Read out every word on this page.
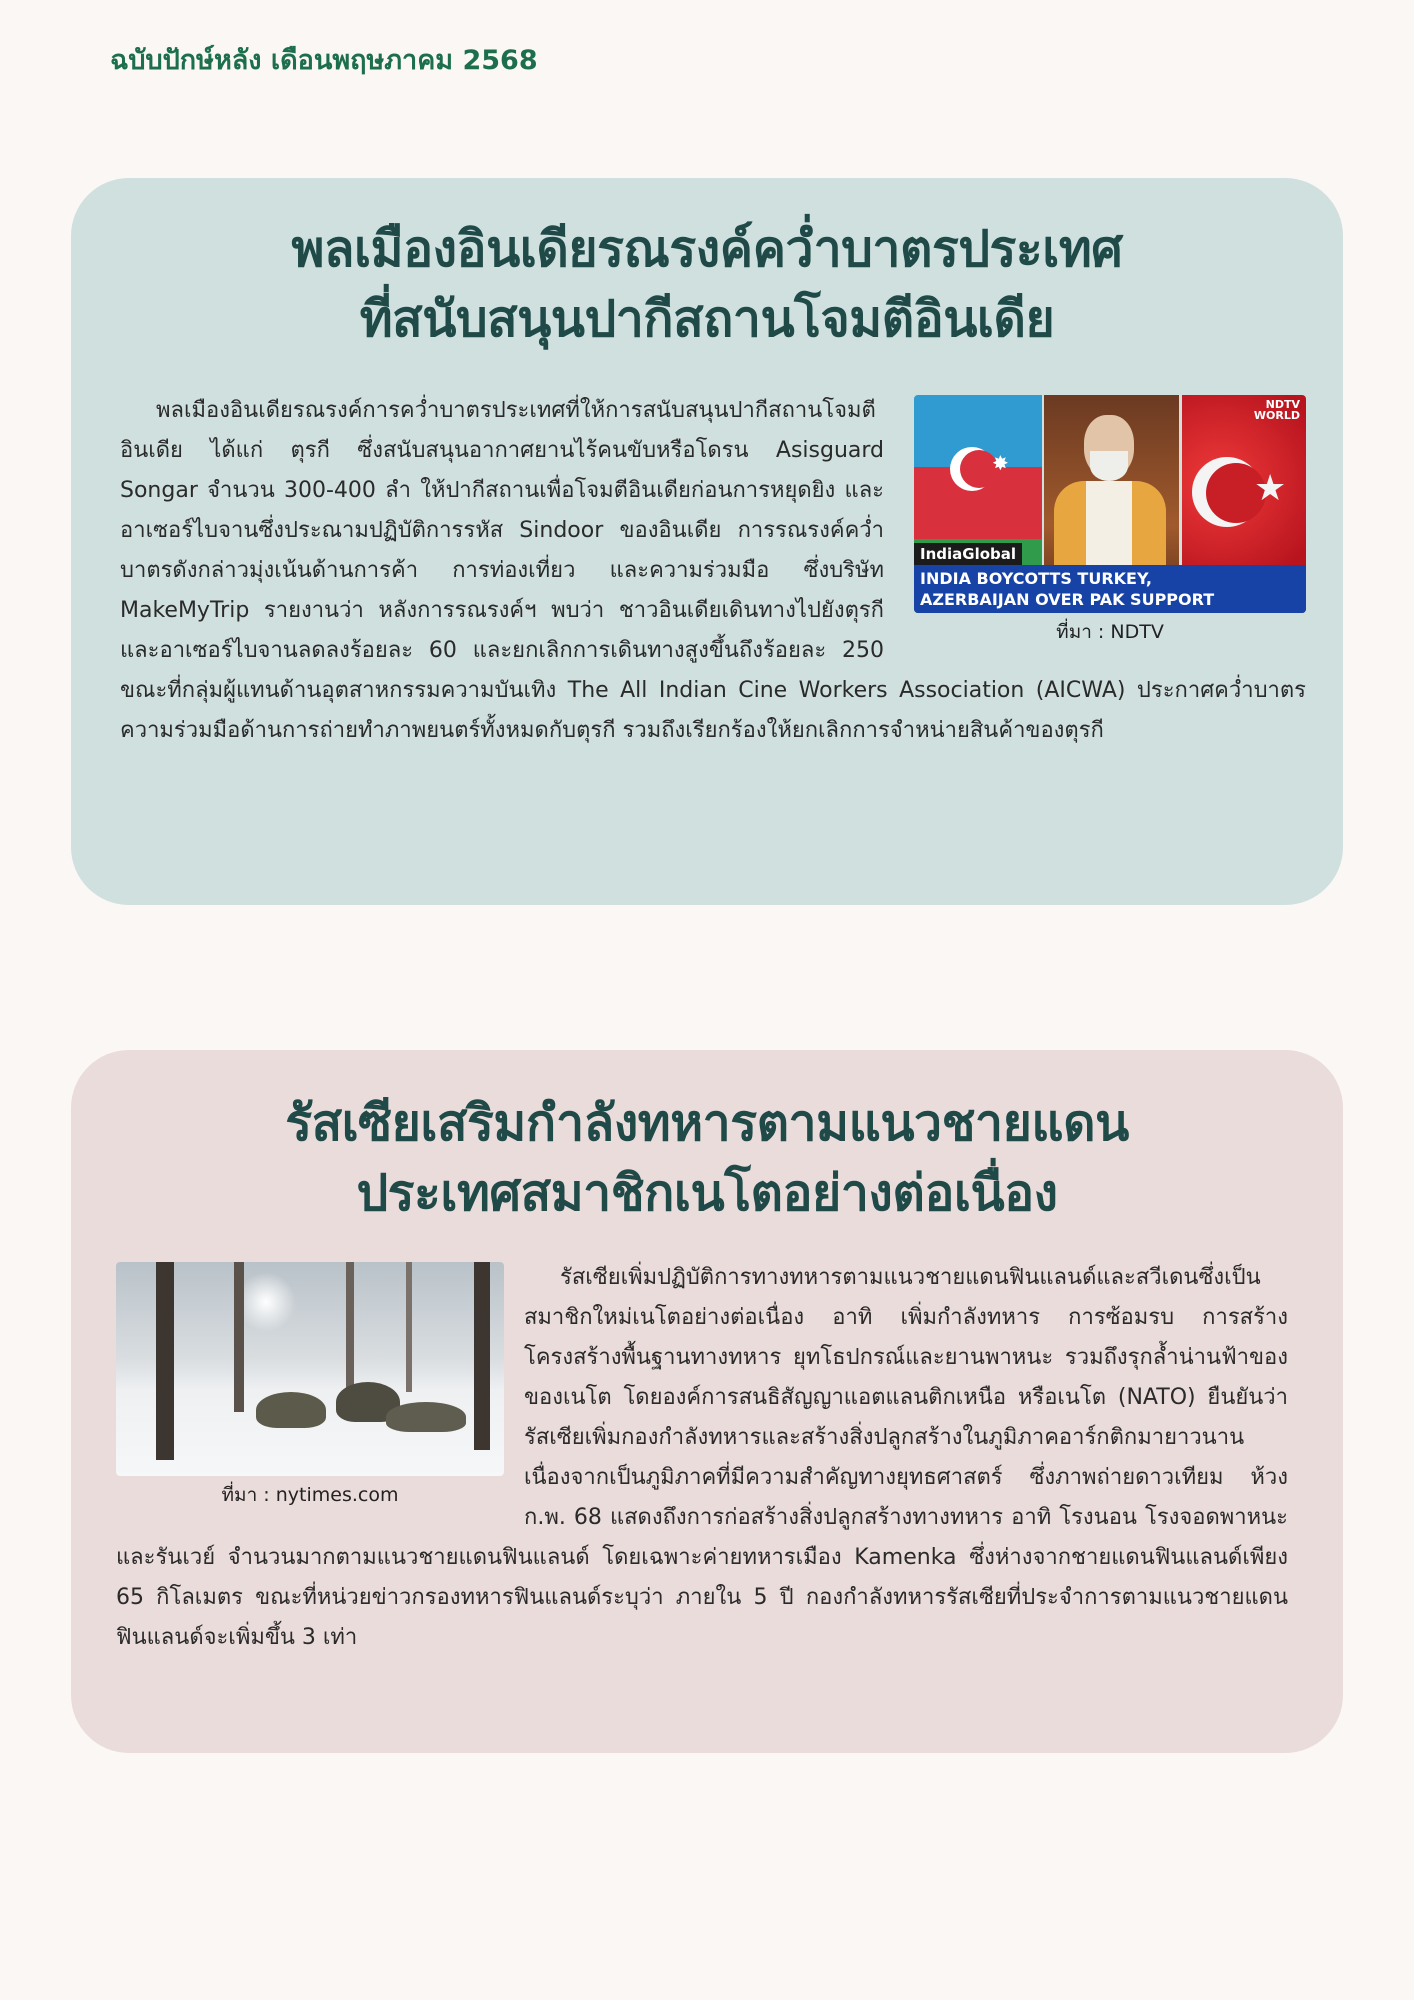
ฉบับปักษ์หลัง เดือนพฤษภาคม 2568
พลเมืองอินเดียรณรงค์คว่ำบาตรประเทศ
ที่สนับสนุนปากีสถานโจมตีอินเดีย
✸
★
NDTV
WORLD
IndiaGlobal
INDIA BOYCOTTS TURKEY,
AZERBAIJAN OVER PAK SUPPORT
ที่มา : NDTV

พลเมืองอินเดียรณรงค์การคว่ำบาตรประเทศที่ให้การสนับสนุนปากีสถานโจมตีอินเดีย ได้แก่ ตุรกี ซึ่งสนับสนุนอากาศยานไร้คนขับหรือโดรน Asisguard Songar จำนวน 300-400 ลำ ให้ปากีสถานเพื่อโจมตีอินเดียก่อนการหยุดยิง และอาเซอร์ไบจานซึ่งประณามปฏิบัติการรหัส Sindoor ของอินเดีย การรณรงค์คว่ำบาตรดังกล่าวมุ่งเน้นด้านการค้า การท่องเที่ยว และความร่วมมือ ซึ่งบริษัท MakeMyTrip รายงานว่า หลังการรณรงค์ฯ พบว่า ชาวอินเดียเดินทางไปยังตุรกีและอาเซอร์ไบจานลดลงร้อยละ 60 และยกเลิกการเดินทางสูงขึ้นถึงร้อยละ 250 ขณะที่กลุ่มผู้แทนด้านอุตสาหกรรมความบันเทิง The All Indian Cine Workers Association (AICWA) ประกาศคว่ำบาตรความร่วมมือด้านการถ่ายทำภาพยนตร์ทั้งหมดกับตุรกี รวมถึงเรียกร้องให้ยกเลิกการจำหน่ายสินค้าของตุรกี

รัสเซียเสริมกำลังทหารตามแนวชายแดน
ประเทศสมาชิกเนโตอย่างต่อเนื่อง
ที่มา : nytimes.com

รัสเซียเพิ่มปฏิบัติการทางทหารตามแนวชายแดนฟินแลนด์และสวีเดนซึ่งเป็นสมาชิกใหม่เนโตอย่างต่อเนื่อง อาทิ เพิ่มกำลังทหาร การซ้อมรบ การสร้างโครงสร้างพื้นฐานทางทหาร ยุทโธปกรณ์และยานพาหนะ รวมถึงรุกล้ำน่านฟ้าของของเนโต โดยองค์การสนธิสัญญาแอตแลนติกเหนือ หรือเนโต (NATO) ยืนยันว่า รัสเซียเพิ่มกองกำลังทหารและสร้างสิ่งปลูกสร้างในภูมิภาคอาร์กติกมายาวนาน เนื่องจากเป็นภูมิภาคที่มีความสำคัญทางยุทธศาสตร์ ซึ่งภาพถ่ายดาวเทียม ห้วง ก.พ. 68 แสดงถึงการก่อสร้างสิ่งปลูกสร้างทางทหาร อาทิ โรงนอน โรงจอดพาหนะ และรันเวย์ จำนวนมากตามแนวชายแดนฟินแลนด์ โดยเฉพาะค่ายทหารเมือง Kamenka ซึ่งห่างจากชายแดนฟินแลนด์เพียง 65 กิโลเมตร ขณะที่หน่วยข่าวกรองทหารฟินแลนด์ระบุว่า ภายใน 5 ปี กองกำลังทหารรัสเซียที่ประจำการตามแนวชายแดนฟินแลนด์จะเพิ่มขึ้น 3 เท่า
